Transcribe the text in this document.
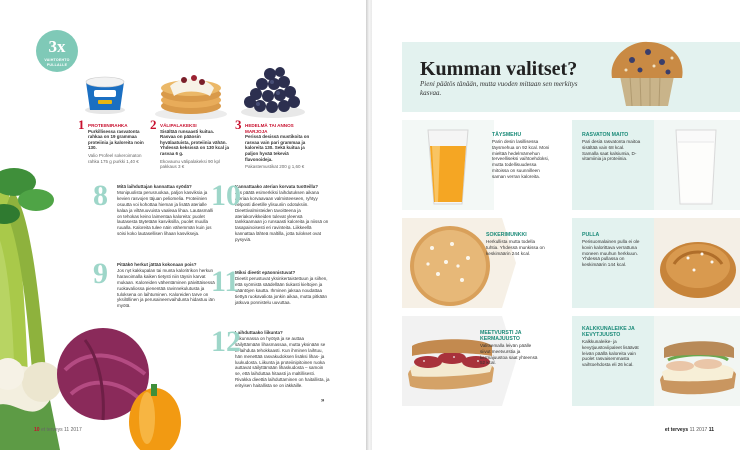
3x
VAIHTOEHTO PULLALLE
1 PROTEIINIRAHKA
Purkillisessa rasvatonta rahkaa on 19 grammaa proteiinia ja kaloreita noin 130.
Valio Profeel sokeroimaton rahka 175 g purkki 1,40 €
2 VÄLIPALAKEKSI
Sisältää runsaasti kuitua. Rasvaa on pääosin hyvälaatuista, proteiinia vähän. Yhdessä keksissä on 130 kcal ja rasvaa 6 g.
Ekovaunu välipalakeksi 90 kpl pakkaus 3 €
3 HEDELMÄ TAI ANNOS MARJOJA
Perissä desissä mustikoita on rasvaa vain pari grammaa ja kaloreita 130. Sekä kuitua ja paljon hyvää tekeviä flavonoideja.
Pakastemustikat 200 g 1,60 €
8 Mitä laihduttajan kannattaa syödä?
Monipuolista perusruokaa, paljon kasviksia ja kevien rasvojen täjuan peliomelia. Proteiinien osuutta voi kohottaa hieman ja lisätä aterialle kalaa ja viltäruuvuista vaaleaa lihaa. Lautasmalli on tehokas keino laimentaa kaloreita: puolet lautasesta täytetään kasviksilla, puolet muulla ruualla. Kaloreita tulee näin vähemmän kuin jos söisi koko lautasellisen lihaan kasvikseja.
9 Pitääkö herkut jättää kokonaan pois?
Jos nyt kakkupalan tai munta kaloritrikon herkun haravoimalla kaiken tietysti niin täysin karvat mukaan. Kaloreiden vähentäminen päivittäisessä ruokavaliossa pienentää ravinnekulutusta ja tuloksena on laihtuminen. Kaloreiden tarve on yksilöllinen ja perusaineenvaihdunta hidastuu iän myötä.
10
Kannattaako aterian korvata tuotteilla?
Jos päätä esimerkiksi laihdutuksen aikana ateriaa korvaavaan valmisteeseen, ryhtyy helposti dieetille ylisuuriin odotuksiin. Dieettivalmisteiden tavoitteena ja ateriakorvikkeiden tulevat yleensä tankkaamaan jo runsaasti kaloreita ja niissä on tasapainoisesti eri ravinteita. Liikkeellä kannattaa lähteä maltilla, jotta tulokset ovat pysyviä.
11
Miksi dieetit epäonnistuvat?
Dieetit perustuvat yksinkertaistettuun ja siihen, että syömistä säädellään tiukasti kieltojen ja sääntöjen kautta. Ihminen jaksaa noudattaa tiettyä ruokavaliota jonkin aikaa, mutta pitkään jatkuva ponnistelu uuvuttaa.
12
Laihduttaako liikunta?
Liikunnassa on hyötyä ja se auttaa säilyttämään lihasmassaa, mutta yksinään se ei laihduta tehokkaasti. Kun ihminen laihtuu, hän menettää rasvakudoksen lisäksi lihas- ja luukudosta. Liikunta ja proteiinipitoinen ruoka auttavat säilyttämään lihaskudosta – samoin se, että laihduttaa hitaasti ja maltillisesti. Rivakka dieettiä laihduttaminen on haitallista, ja erityisen haitallista se on iäkkäille.
»
10 et terveys 11 2017
Kumman valitset?
Pieni päätös tänään, mutta vuoden mittaan sen merkitys kasvaa.
TÄYSMEHU
Parin desin lasillisessa täysmehua on 92 kcal. Moni mieltää hedelmämehun terveelliseksi vaihtoehdoksi, mutta todellisuudessa mitoissa on suunnilleen saman verran kaloreita.
RASVATON MAITO
Pari desiä rasvatonta maitoa sisältää vain 68 kcal. Samalla saat kalsiumia, D-vitamiinia ja proteiinia.
SOKERIMUNKKI
Herkullista mutta todella tuhtia. Yhdessä munkissa on keskimäärin 244 kcal.
PULLA
Perisuomalainen pulla ei ole kovin kalorittava verrattuna moneen muuhun herkkuun. Yhdessä pullassa on keskimäärin 144 kcal.
MEETVURSTI JA KERMAJUUSTO
Valitsemalla leivän päälle siivut meetvurstia ja kermajuustoa saat yhteensä 52 kcal.
KALKKUNALEIKE JA KEVYTJUUSTO
Kalkkunaleike- ja kevytjuustoviipaleet lisäävät leivän päällä kaloreita vain puolet rasvaisemmasta vaihtoehdosta eli 26 kcal.
et terveys 11 2017 11
